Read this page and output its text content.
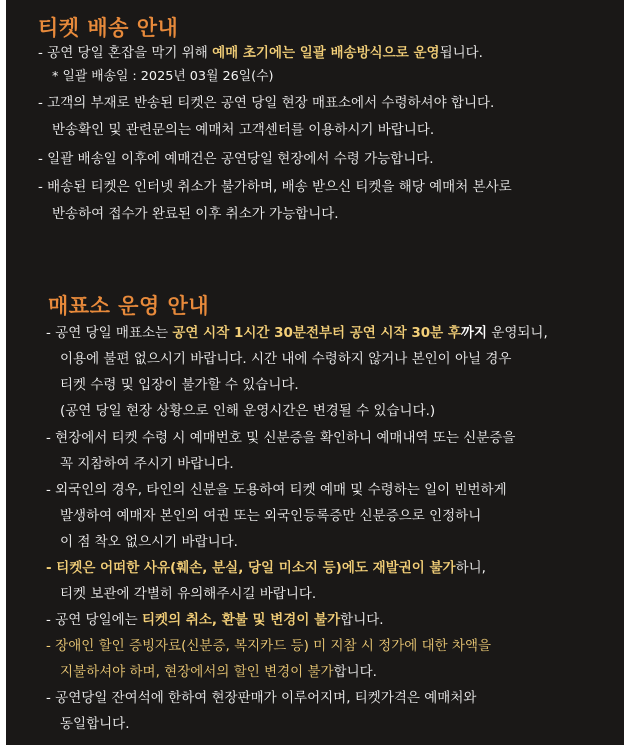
티켓 배송 안내
- 공연 당일 혼잡을 막기 위해 예매 초기에는 일괄 배송방식으로 운영됩니다.
* 일괄 배송일 : 2025년 03월 26일(수)
- 고객의 부재로 반송된 티켓은 공연 당일 현장 매표소에서 수령하셔야 합니다.
반송확인 및 관련문의는 예매처 고객센터를 이용하시기 바랍니다.
- 일괄 배송일 이후에 예매건은 공연당일 현장에서 수령 가능합니다.
- 배송된 티켓은 인터넷 취소가 불가하며, 배송 받으신 티켓을 해당 예매처 본사로
반송하여 접수가 완료된 이후 취소가 가능합니다.
매표소 운영 안내
- 공연 당일 매표소는 공연 시작 1시간 30분전부터 공연 시작 30분 후까지 운영되니,
이용에 불편 없으시기 바랍니다. 시간 내에 수령하지 않거나 본인이 아닐 경우
티켓 수령 및 입장이 불가할 수 있습니다.
(공연 당일 현장 상황으로 인해 운영시간은 변경될 수 있습니다.)
- 현장에서 티켓 수령 시 예매번호 및 신분증을 확인하니 예매내역 또는 신분증을
꼭 지참하여 주시기 바랍니다.
- 외국인의 경우, 타인의 신분을 도용하여 티켓 예매 및 수령하는 일이 빈번하게
발생하여 예매자 본인의 여권 또는 외국인등록증만 신분증으로 인정하니
이 점 착오 없으시기 바랍니다.
- 티켓은 어떠한 사유(훼손, 분실, 당일 미소지 등)에도 재발권이 불가하니,
티켓 보관에 각별히 유의해주시길 바랍니다.
- 공연 당일에는 티켓의 취소, 환불 및 변경이 불가합니다.
- 장애인 할인 증빙자료(신분증, 복지카드 등) 미 지참 시 정가에 대한 차액을
지불하셔야 하며, 현장에서의 할인 변경이 불가합니다.
- 공연당일 잔여석에 한하여 현장판매가 이루어지며, 티켓가격은 예매처와
동일합니다.
